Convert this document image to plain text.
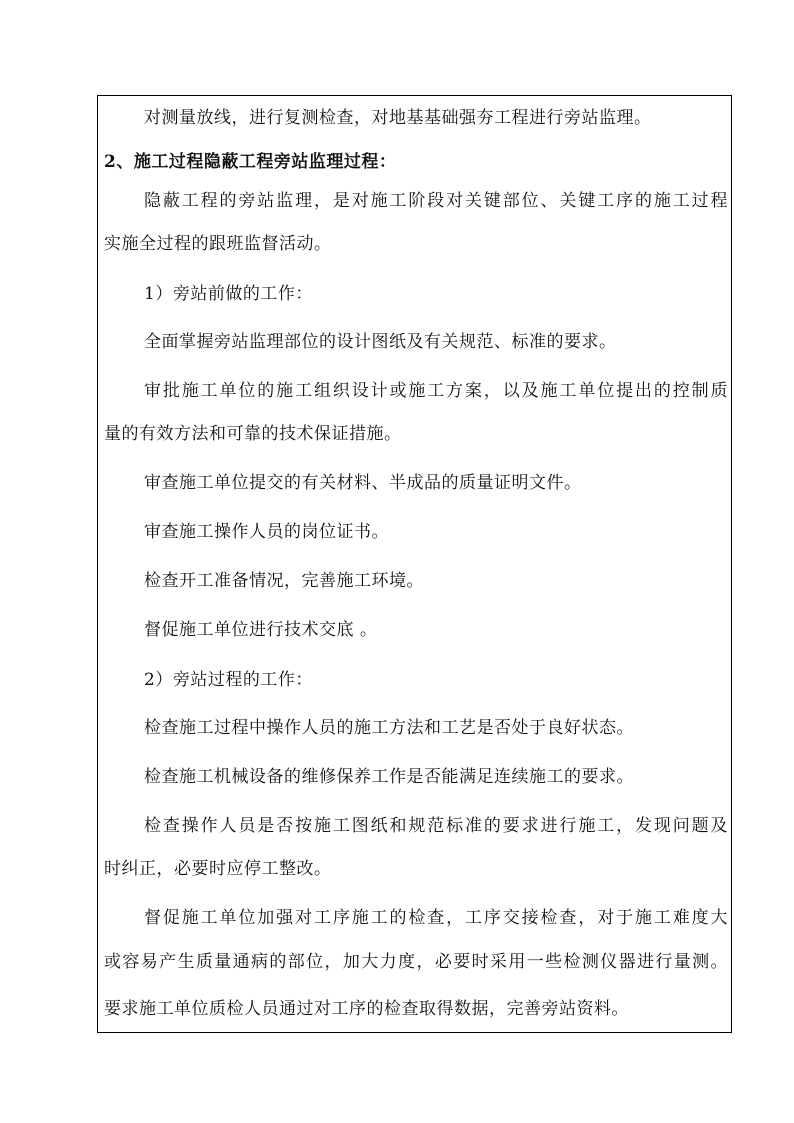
对测量放线，进行复测检查，对地基基础强夯工程进行旁站监理。
2、施工过程隐蔽工程旁站监理过程：
隐蔽工程的旁站监理，是对施工阶段对关键部位、关键工序的施工过程
实施全过程的跟班监督活动。
1）旁站前做的工作：
全面掌握旁站监理部位的设计图纸及有关规范、标准的要求。
审批施工单位的施工组织设计或施工方案，以及施工单位提出的控制质
量的有效方法和可靠的技术保证措施。
审查施工单位提交的有关材料、半成品的质量证明文件。
审查施工操作人员的岗位证书。
检查开工准备情况，完善施工环境。
督促施工单位进行技术交底 。
2）旁站过程的工作：
检查施工过程中操作人员的施工方法和工艺是否处于良好状态。
检查施工机械设备的维修保养工作是否能满足连续施工的要求。
检查操作人员是否按施工图纸和规范标准的要求进行施工，发现问题及
时纠正，必要时应停工整改。
督促施工单位加强对工序施工的检查，工序交接检查，对于施工难度大
或容易产生质量通病的部位，加大力度，必要时采用一些检测仪器进行量测。
要求施工单位质检人员通过对工序的检查取得数据，完善旁站资料。
